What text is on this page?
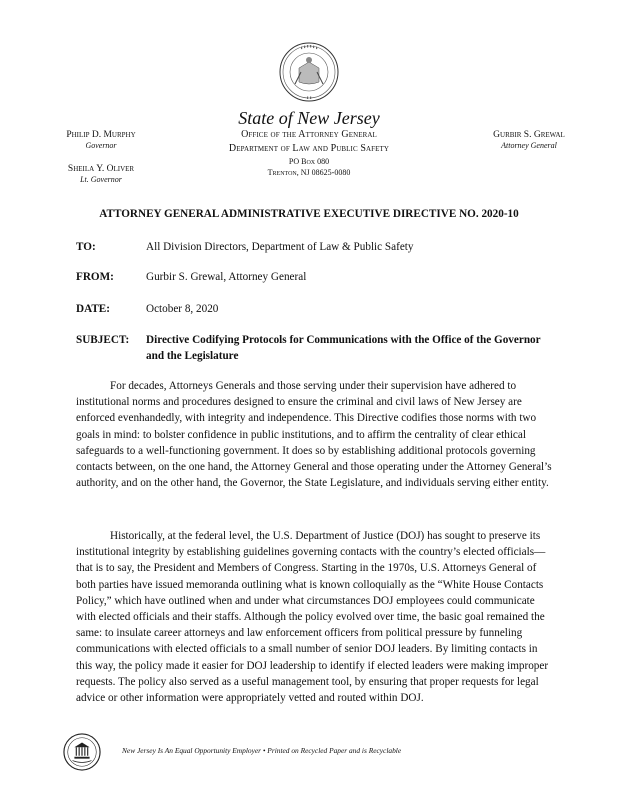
State of New Jersey
Philip D. Murphy
Governor
Sheila Y. Oliver
Lt. Governor
Office of the Attorney General
Department of Law and Public Safety
PO Box 080
Trenton, NJ 08625-0080
Gurbir S. Grewal
Attorney General
ATTORNEY GENERAL ADMINISTRATIVE EXECUTIVE DIRECTIVE NO. 2020-10
TO:	All Division Directors, Department of Law & Public Safety
FROM:	Gurbir S. Grewal, Attorney General
DATE:	October 8, 2020
SUBJECT: Directive Codifying Protocols for Communications with the Office of the Governor and the Legislature
For decades, Attorneys Generals and those serving under their supervision have adhered to institutional norms and procedures designed to ensure the criminal and civil laws of New Jersey are enforced evenhandedly, with integrity and independence. This Directive codifies those norms with two goals in mind: to bolster confidence in public institutions, and to affirm the centrality of clear ethical safeguards to a well-functioning government. It does so by establishing additional protocols governing contacts between, on the one hand, the Attorney General and those operating under the Attorney General’s authority, and on the other hand, the Governor, the State Legislature, and individuals serving either entity.
Historically, at the federal level, the U.S. Department of Justice (DOJ) has sought to preserve its institutional integrity by establishing guidelines governing contacts with the country’s elected officials—that is to say, the President and Members of Congress. Starting in the 1970s, U.S. Attorneys General of both parties have issued memoranda outlining what is known colloquially as the “White House Contacts Policy,” which have outlined when and under what circumstances DOJ employees could communicate with elected officials and their staffs. Although the policy evolved over time, the basic goal remained the same: to insulate career attorneys and law enforcement officers from political pressure by funneling communications with elected officials to a small number of senior DOJ leaders. By limiting contacts in this way, the policy made it easier for DOJ leadership to identify if elected leaders were making improper requests. The policy also served as a useful management tool, by ensuring that proper requests for legal advice or other information were appropriately vetted and routed within DOJ.
New Jersey Is An Equal Opportunity Employer • Printed on Recycled Paper and is Recyclable
